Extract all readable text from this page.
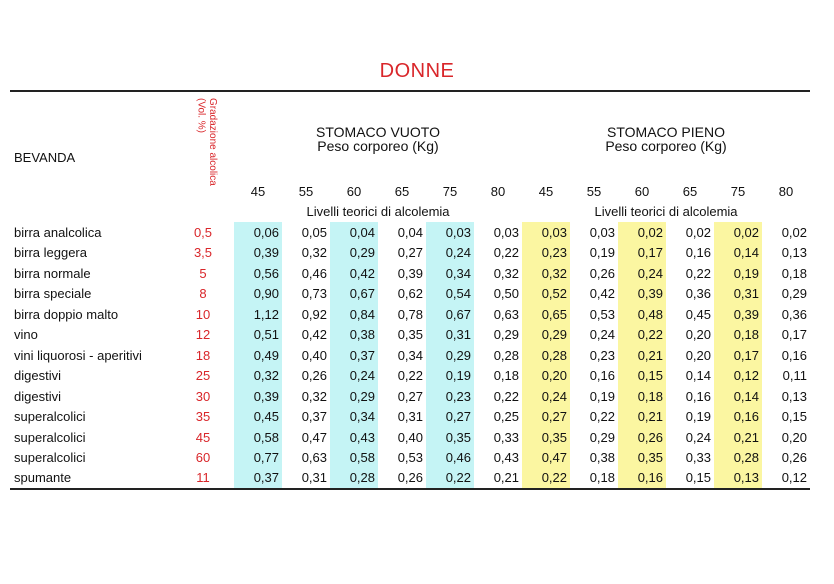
DONNE
BEVANDA	Gradazione alcolica
(Vol. %)	STOMACO VUOTO
Peso corporeo (Kg)						STOMACO PIENO
Peso corporeo (Kg)					

		45	55	60	65	75	80	45	55	60	65	75	80
		Livelli teorici di alcolemia						Livelli teorici di alcolemia					
birra analcolica	0,5	0,06	0,05	0,04	0,04	0,03	0,03	0,03	0,03	0,02	0,02	0,02	0,02
birra leggera	3,5	0,39	0,32	0,29	0,27	0,24	0,22	0,23	0,19	0,17	0,16	0,14	0,13
birra normale	5	0,56	0,46	0,42	0,39	0,34	0,32	0,32	0,26	0,24	0,22	0,19	0,18
birra speciale	8	0,90	0,73	0,67	0,62	0,54	0,50	0,52	0,42	0,39	0,36	0,31	0,29
birra doppio malto	10	1,12	0,92	0,84	0,78	0,67	0,63	0,65	0,53	0,48	0,45	0,39	0,36
vino	12	0,51	0,42	0,38	0,35	0,31	0,29	0,29	0,24	0,22	0,20	0,18	0,17
vini liquorosi - aperitivi	18	0,49	0,40	0,37	0,34	0,29	0,28	0,28	0,23	0,21	0,20	0,17	0,16
digestivi	25	0,32	0,26	0,24	0,22	0,19	0,18	0,20	0,16	0,15	0,14	0,12	0,11
digestivi	30	0,39	0,32	0,29	0,27	0,23	0,22	0,24	0,19	0,18	0,16	0,14	0,13
superalcolici	35	0,45	0,37	0,34	0,31	0,27	0,25	0,27	0,22	0,21	0,19	0,16	0,15
superalcolici	45	0,58	0,47	0,43	0,40	0,35	0,33	0,35	0,29	0,26	0,24	0,21	0,20
superalcolici	60	0,77	0,63	0,58	0,53	0,46	0,43	0,47	0,38	0,35	0,33	0,28	0,26
spumante	11	0,37	0,31	0,28	0,26	0,22	0,21	0,22	0,18	0,16	0,15	0,13	0,12
